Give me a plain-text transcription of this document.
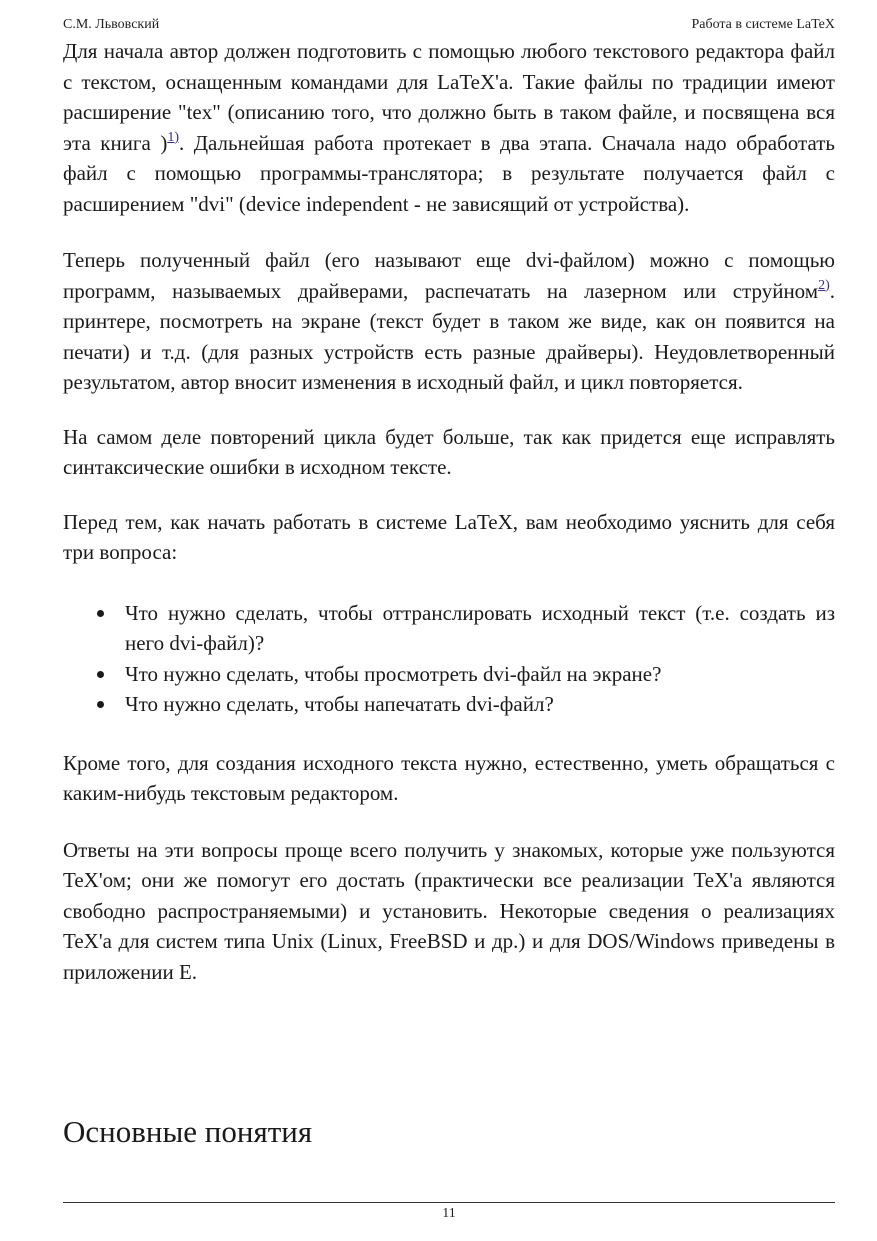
С.М. Львовский	Работа в системе LaTeX

Для начала автор должен подготовить с помощью любого текстового редактора файл с текстом, оснащенным командами для LaTeX'а. Такие файлы по традиции имеют расширение "tex" (описанию того, что должно быть в таком файле, и посвящена вся эта книга )$^{1)}$. Дальнейшая работа протекает в два этапа. Сначала надо обработать файл с помощью программы-транслятора; в результате получается файл с расширением "dvi" (device independent - не зависящий от устройства).

Теперь полученный файл (его называют еще dvi-файлом) можно с помощью программ, называемых драйверами, распечатать на лазерном или струйном$^{2)}$. принтере, посмотреть на экране (текст будет в таком же виде, как он появится на печати) и т.д. (для разных устройств есть разные драйверы). Неудовлетворенный результатом, автор вносит изменения в исходный файл, и цикл повторяется.

На самом деле повторений цикла будет больше, так как придется еще исправлять синтаксические ошибки в исходном тексте.

Перед тем, как начать работать в системе LaTeX, вам необходимо уяснить для себя три вопроса:

Что нужно сделать, чтобы оттранслировать исходный текст (т.е. создать из него dvi-файл)?
Что нужно сделать, чтобы просмотреть dvi-файл на экране?
Что нужно сделать, чтобы напечатать dvi-файл?

Кроме того, для создания исходного текста нужно, естественно, уметь обращаться с каким-нибудь текстовым редактором.

Ответы на эти вопросы проще всего получить у знакомых, которые уже пользуются TeX'ом; они же помогут его достать (практически все реализации TeX'а являются свободно распространяемыми) и установить. Некоторые сведения о реализациях TeX'а для систем типа Unix (Linux, FreeBSD и др.) и для DOS/Windows приведены в приложении E.

Основные понятия
11
